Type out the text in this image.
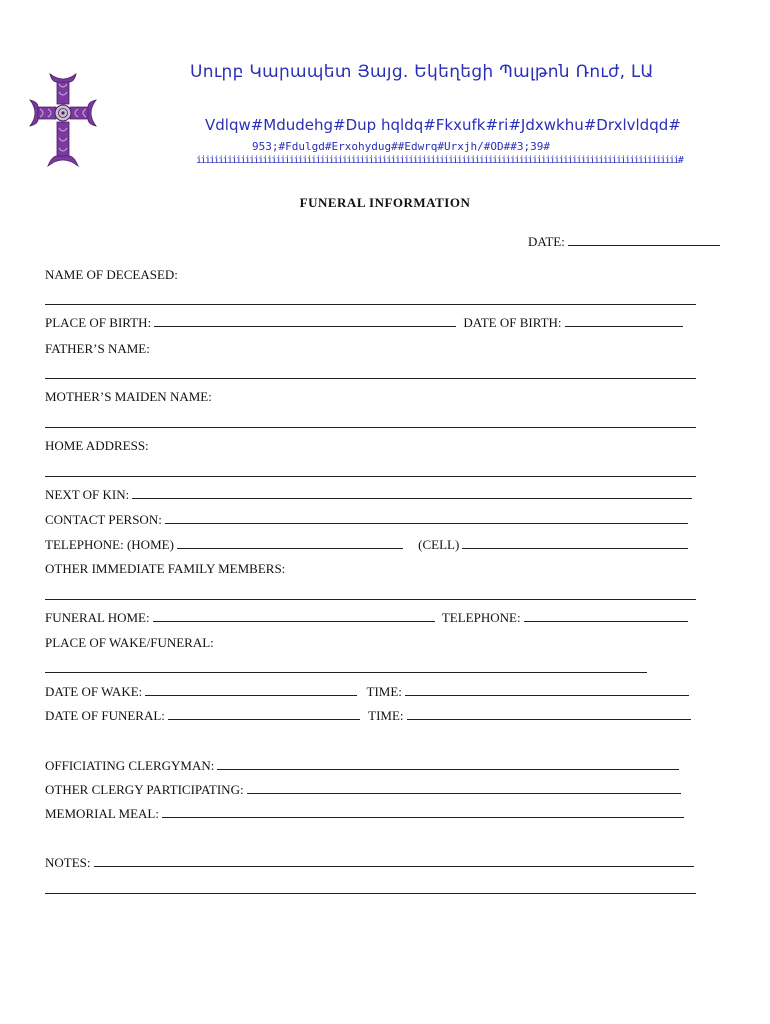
Սուրբ Կարապետ Յայց. Եկեղեցի Պալթոն Ռուժ, ԼԱ
Vdlqw#Mdudehg#Dup hqldq#Fkxufk#ri#Jdxwkhu#Drxlvldqd#
953;#Fdulgd#Erxohydug##Edwrq#Urxjh/#OD##3;39#
iiiiiiiiiiiiiiiiiiiiiiiiiiiiiiiiiiiiiiiiiiiiiiiiiiiiiiiiiiiiiiiiiiiiiiiiiiiiiiiiiiiiiiiiiiiiiiiiiiiiiiiiiiiii#
FUNERAL INFORMATION
DATE:
NAME OF DECEASED:
PLACE OF BIRTH:	DATE OF BIRTH:
FATHER’S NAME:
MOTHER’S MAIDEN NAME:
HOME ADDRESS:
NEXT OF KIN:
CONTACT PERSON:
TELEPHONE: (HOME)	(CELL)
OTHER IMMEDIATE FAMILY MEMBERS:
FUNERAL HOME:	TELEPHONE:
PLACE OF WAKE/FUNERAL:
DATE OF WAKE:	TIME:
DATE OF FUNERAL:	TIME:
OFFICIATING CLERGYMAN:
OTHER CLERGY PARTICIPATING:
MEMORIAL MEAL:
NOTES:
